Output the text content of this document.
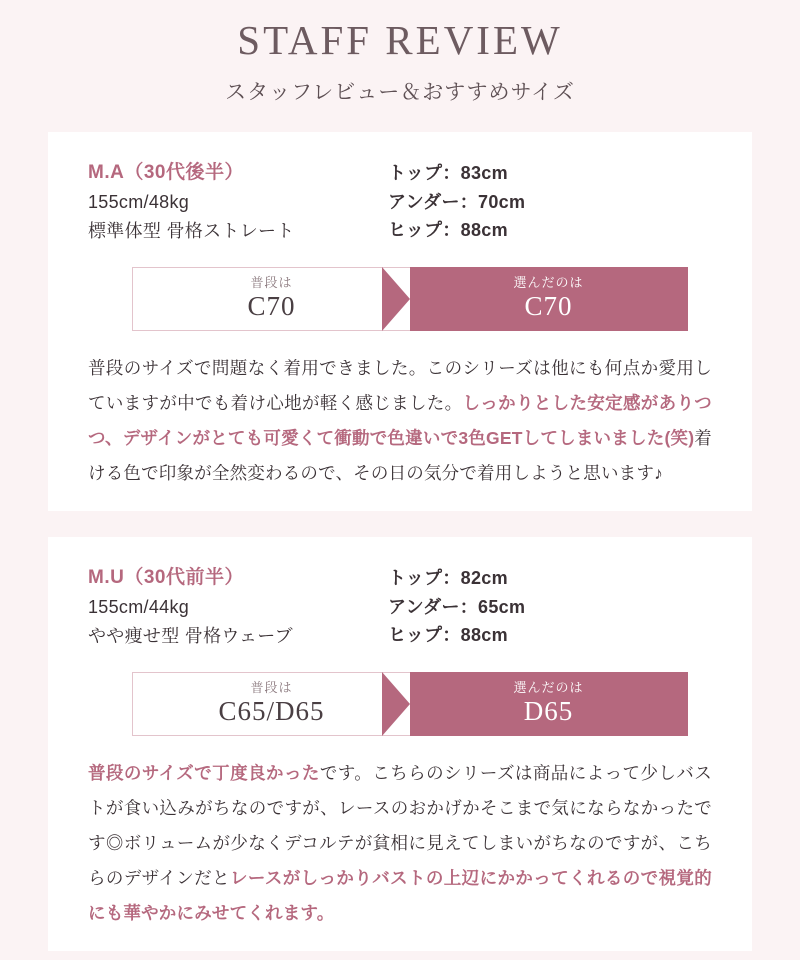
STAFF REVIEW
スタッフレビュー＆おすすめサイズ
M.A（30代後半）
155cm/48kg
標準体型 骨格ストレート
トップ：83cm
アンダー：70cm
ヒップ：88cm
普段は
C70
選んだのは
C70
普段のサイズで問題なく着用できました。このシリーズは他にも何点か愛用していますが中でも着け心地が軽く感じました。しっかりとした安定感がありつつ、デザインがとても可愛くて衝動で色違いで3色GETしてしまいました(笑)着ける色で印象が全然変わるので、その日の気分で着用しようと思います♪
M.U（30代前半）
155cm/44kg
やや痩せ型 骨格ウェーブ
トップ：82cm
アンダー：65cm
ヒップ：88cm
普段は
C65/D65
選んだのは
D65
普段のサイズで丁度良かったです。こちらのシリーズは商品によって少しバストが食い込みがちなのですが、レースのおかげかそこまで気にならなかったです◎ボリュームが少なくデコルテが貧相に見えてしまいがちなのですが、こちらのデザインだとレースがしっかりバストの上辺にかかってくれるので視覚的にも華やかにみせてくれます。
